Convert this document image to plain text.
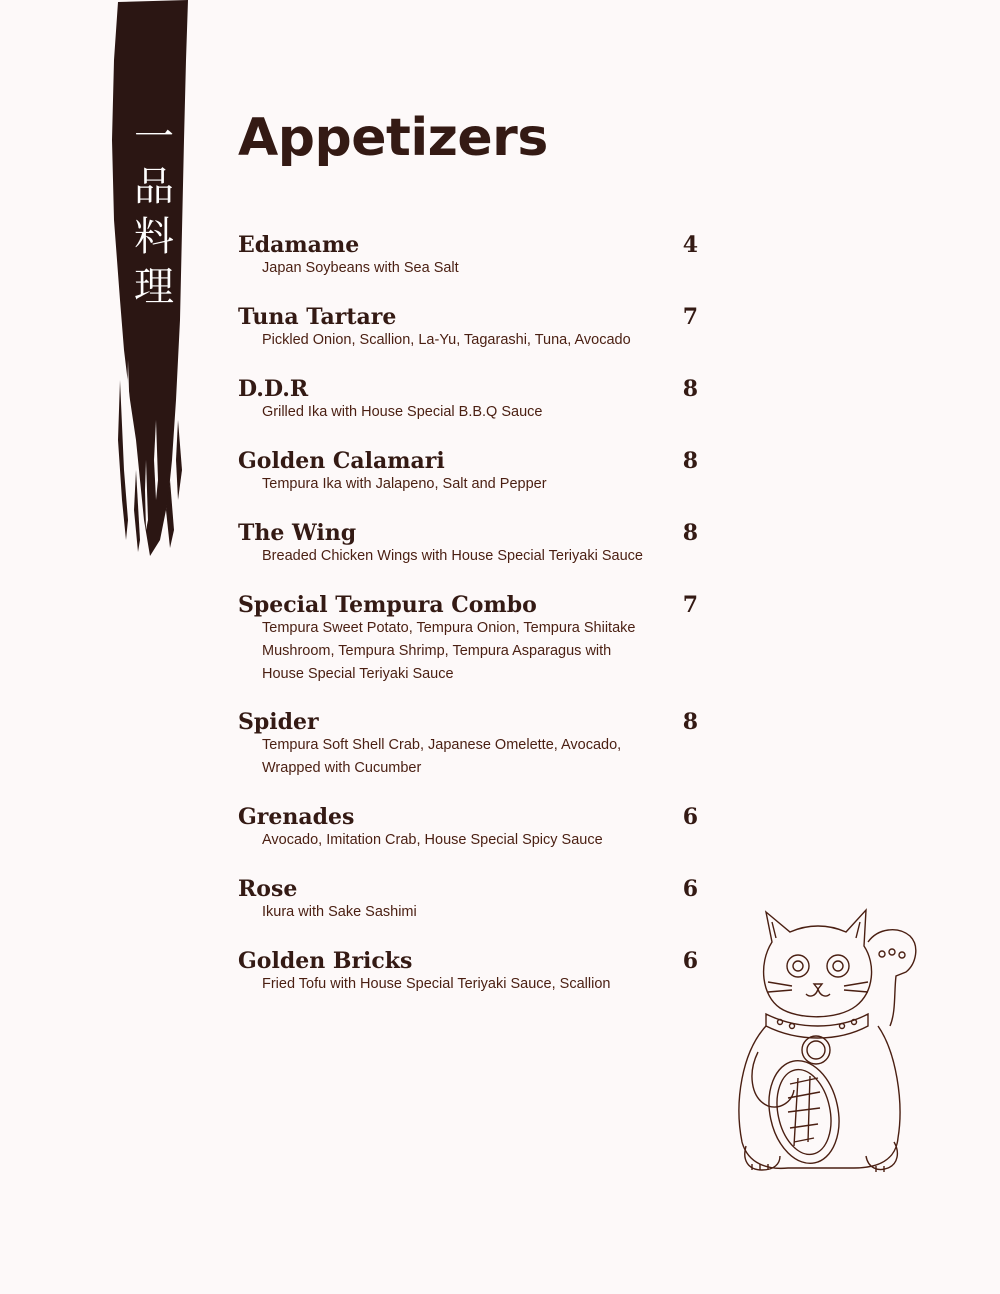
一
品
料
理
Appetizers
Edamame	4
Japan Soybeans with Sea Salt
Tuna Tartare	7
Pickled Onion, Scallion, La-Yu, Tagarashi, Tuna, Avocado
D.D.R	8
Grilled Ika with House Special B.B.Q Sauce
Golden Calamari	8
Tempura Ika with Jalapeno, Salt and Pepper
The Wing	8
Breaded Chicken Wings with House Special Teriyaki Sauce
Special Tempura Combo	7
Tempura Sweet Potato, Tempura Onion, Tempura Shiitake Mushroom, Tempura Shrimp, Tempura Asparagus with House Special Teriyaki Sauce
Spider	8
Tempura Soft Shell Crab, Japanese Omelette, Avocado, Wrapped with Cucumber
Grenades	6
Avocado, Imitation Crab, House Special Spicy Sauce
Rose	6
Ikura with Sake Sashimi
Golden Bricks	6
Fried Tofu with House Special Teriyaki Sauce, Scallion
